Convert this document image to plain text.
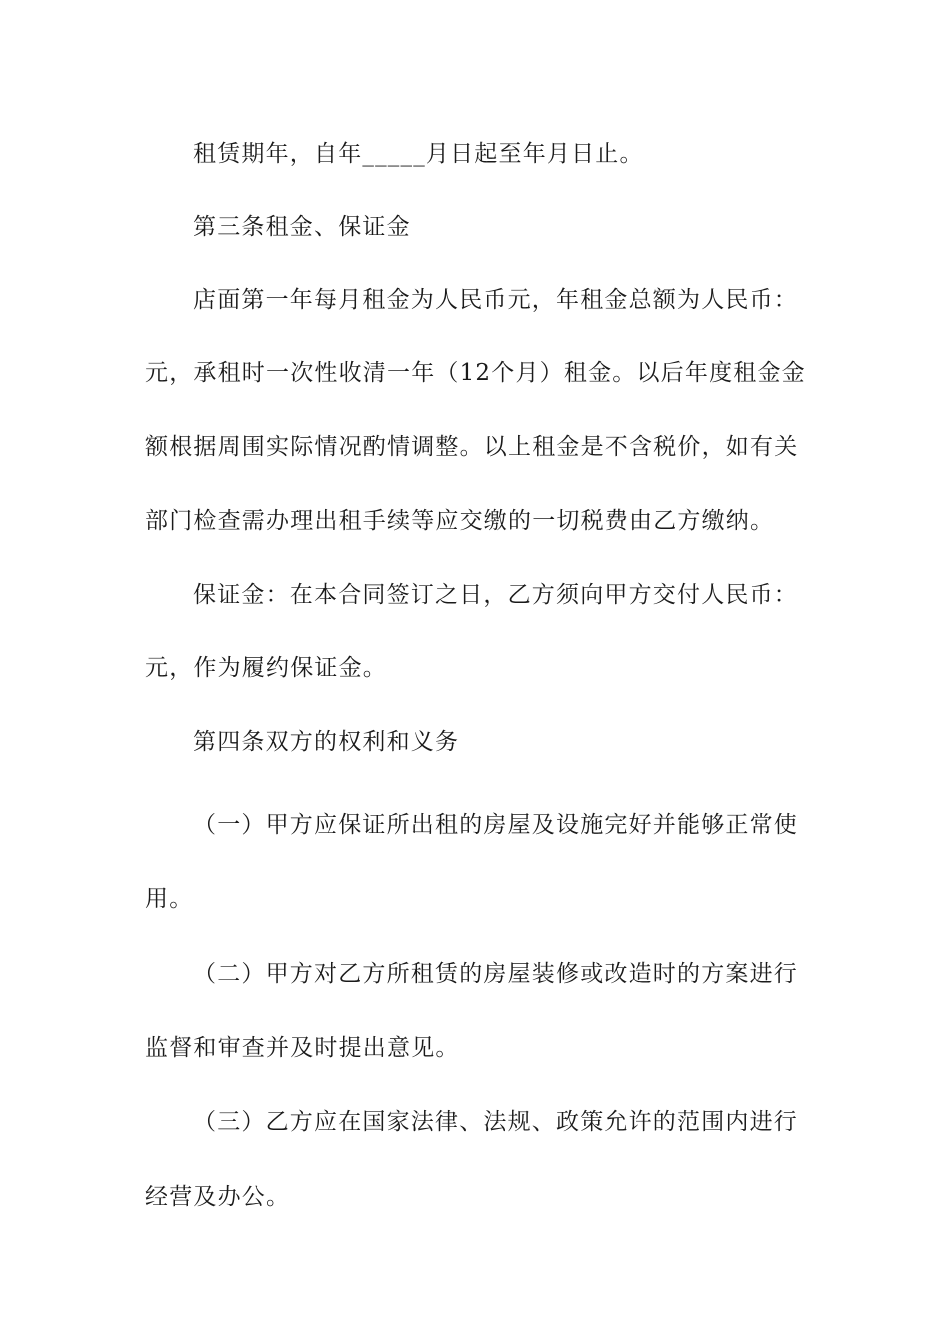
租赁期年，自年_____月日起至年月日止。

第三条租金、保证金

店面第一年每月租金为人民币元，年租金总额为人民币：

元，承租时一次性收清一年（12个月）租金。以后年度租金金

额根据周围实际情况酌情调整。以上租金是不含税价，如有关

部门检查需办理出租手续等应交缴的一切税费由乙方缴纳。

保证金：在本合同签订之日，乙方须向甲方交付人民币：

元，作为履约保证金。

第四条双方的权利和义务

（一）甲方应保证所出租的房屋及设施完好并能够正常使

用。

（二）甲方对乙方所租赁的房屋装修或改造时的方案进行

监督和审查并及时提出意见。

（三）乙方应在国家法律、法规、政策允许的范围内进行

经营及办公。
